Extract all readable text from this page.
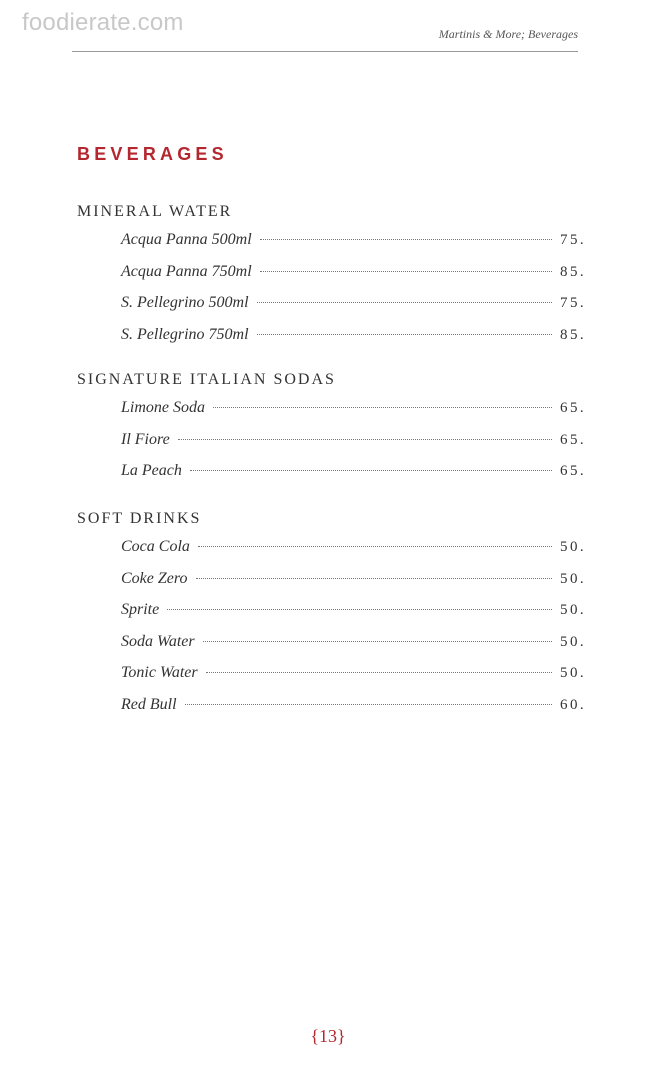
foodierate.com	Martinis & More; Beverages
BEVERAGES
MINERAL WATER
Acqua Panna 500ml	75.
Acqua Panna 750ml	85.
S. Pellegrino 500ml	75.
S. Pellegrino 750ml	85.
SIGNATURE ITALIAN SODAS
Limone Soda	65.
Il Fiore	65.
La Peach	65.
SOFT DRINKS
Coca Cola	50.
Coke Zero	50.
Sprite	50.
Soda Water	50.
Tonic Water	50.
Red Bull	60.
{13}
